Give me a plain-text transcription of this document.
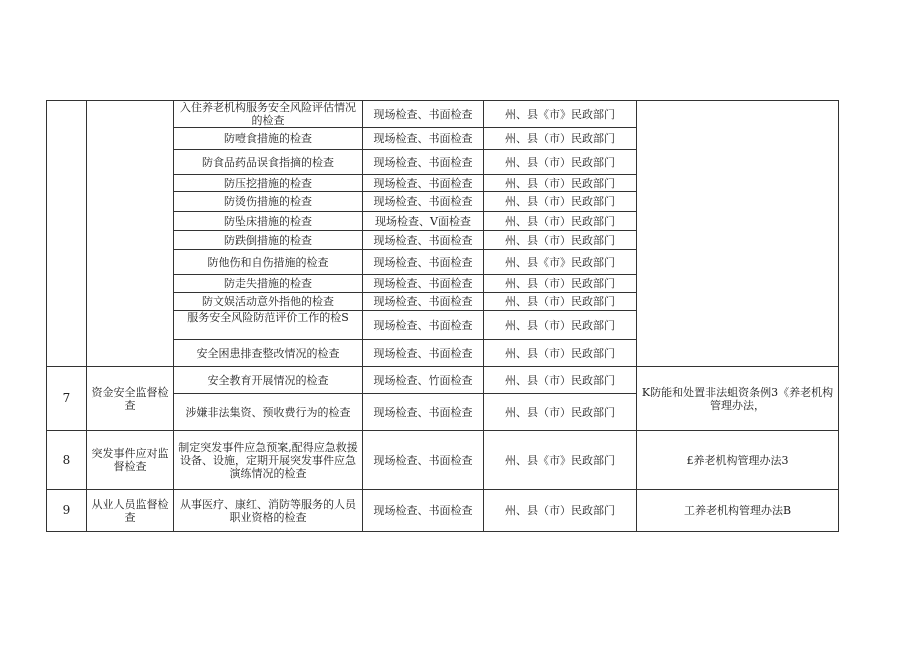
		入住养老机构服务安全风险评估情况的检查	现场检查、书面检查	州、县《市》民政部门	
		防噎食措施的检查	现场检查、书面检查	州、县（市）民政部门	
		防食品药品误食指摘的检查	现场检查、书面检查	州、县（市）民政部门	
		防压挖措施的检查	现场检查、书面检查	州、县（市）民政部门	
		防烫伤措施的检查	现场检查、书面检查	州、县（市）民政部门	
		防坠床措施的检查	现场检查、V面检查	州、县（市）民政部门	
		防跌倒措施的检查	现场检查、书面检查	州、县（市）民政部门	
		防他伤和自伤措施的检查	现场检查、书面检查	州、县《市》民政部门	
		防走失措施的检查	现场检查、书面检查	州、县（市）民政部门	
		防文娱活动意外指他的检查	现场检查、书面检查	州、县（市）民政部门	
		服务安全风险防范评价工作的检S	现场检查、书面检查	州、县（市）民政部门	
		安全困患排查整改情况的检查	现场检查、书面检查	州、县（市）民政部门	
7	资金安全监督检查	安全教育开展情况的检查	现场检查、竹面检查	州、县（市）民政部门	K防能和处置非法蛆资条例3《养老机构管理办法，
		涉嫌非法集资、预收费行为的检查	现场检查、书面检查	州、县（市）民政部门	
8	突发事件应对监督检查	制定突发事件应急预案,配得应急救援设备、设施，定期开展突发事件应急演练情况的检查	现场检查、书面检查	州、县《市》民政部门	£养老机构管理办法3
9	从业人员监督检查	从事医疗、康红、消防等服务的人员职业资格的检查	现场检查、书面检查	州、县（市）民政部门	工养老机构管理办法B
